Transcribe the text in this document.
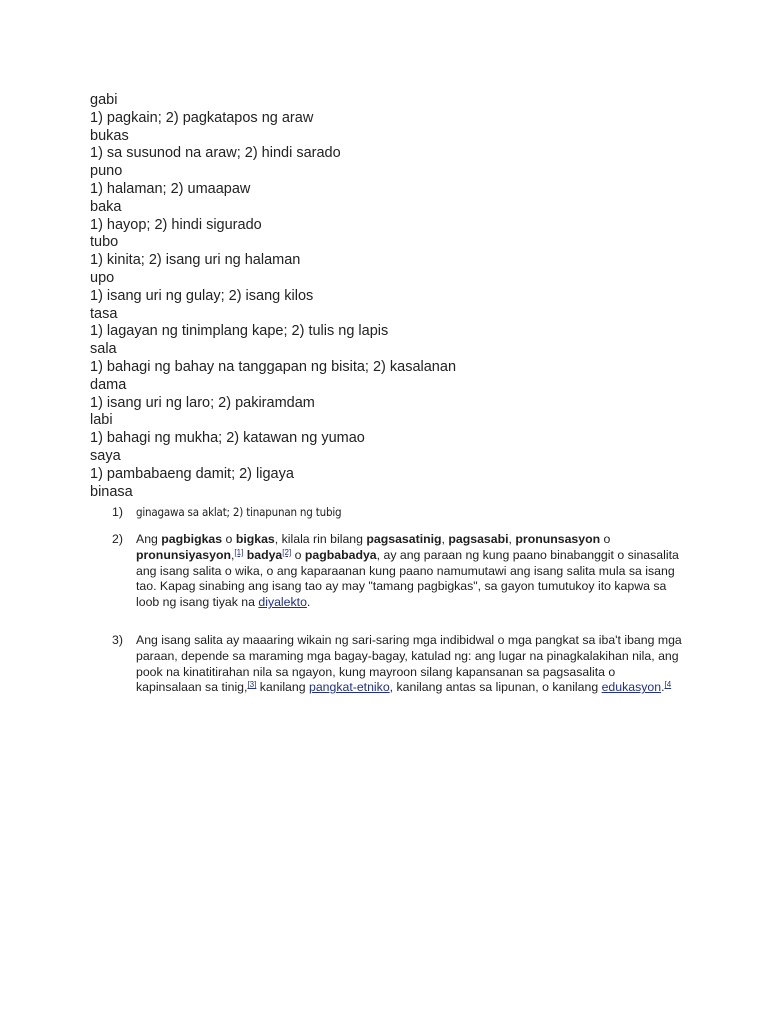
gabi
1) pagkain; 2) pagkatapos ng araw
bukas
1) sa susunod na araw; 2) hindi sarado
puno
1) halaman; 2) umaapaw
baka
1) hayop; 2) hindi sigurado
tubo
1) kinita; 2) isang uri ng halaman
upo
1) isang uri ng gulay; 2) isang kilos
tasa
1) lagayan ng tinimplang kape; 2) tulis ng lapis
sala
1) bahagi ng bahay na tanggapan ng bisita; 2) kasalanan
dama
1) isang uri ng laro; 2) pakiramdam
labi
1) bahagi ng mukha; 2) katawan ng yumao
saya
1) pambabaeng damit; 2) ligaya
binasa
1)	ginagawa sa aklat; 2) tinapunan ng tubig
2)	Ang pagbigkas o bigkas, kilala rin bilang pagsasatinig, pagsasabi, pronunsasyon o pronunsiyasyon,[1] badya[2] o pagbabadya, ay ang paraan ng kung paano binabanggit o sinasalita ang isang salita o wika, o ang kaparaanan kung paano namumutawi ang isang salita mula sa isang tao. Kapag sinabing ang isang tao ay may "tamang pagbigkas", sa gayon tumutukoy ito kapwa sa loob ng isang tiyak na diyalekto.
3)	Ang isang salita ay maaaring wikain ng sari-saring mga indibidwal o mga pangkat sa iba't ibang mga paraan, depende sa maraming mga bagay-bagay, katulad ng: ang lugar na pinagkalakihan nila, ang pook na kinatitirahan nila sa ngayon, kung mayroon silang kapansanan sa pagsasalita o kapinsalaan sa tinig,[3] kanilang pangkat-etniko, kanilang antas sa lipunan, o kanilang edukasyon.$^{[4}$
